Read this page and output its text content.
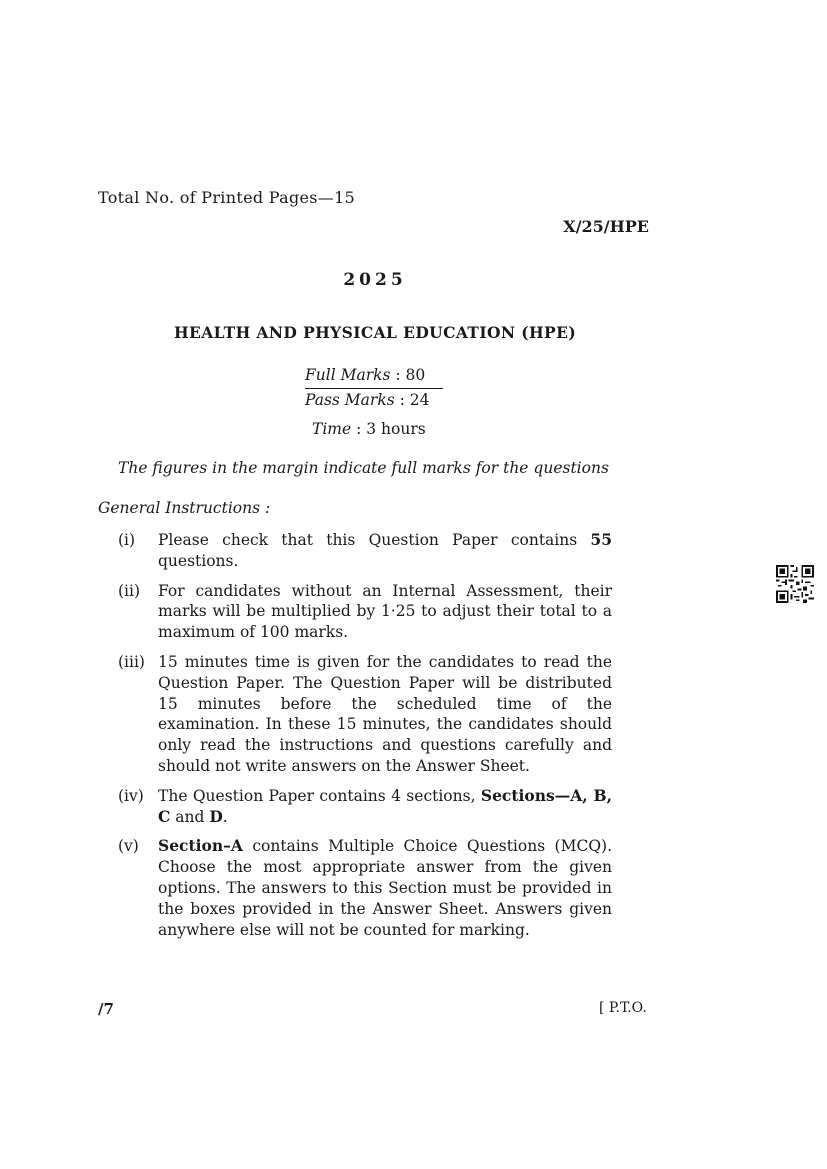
Total No. of Printed Pages—15
X/25/HPE
2025
HEALTH AND PHYSICAL EDUCATION (HPE)
Full Marks : 80
Pass Marks : 24
Time : 3 hours
The figures in the margin indicate full marks for the questions
General Instructions :
(i)	Please check that this Question Paper contains 55 questions.
(ii)	For candidates without an Internal Assessment, their marks will be multiplied by 1·25 to adjust their total to a maximum of 100 marks.
(iii) 15 minutes time is given for the candidates to read the Question Paper. The Question Paper will be distributed 15 minutes before the scheduled time of the examination. In these 15 minutes, the candidates should only read the instructions and questions carefully and should not write answers on the Answer Sheet.
(iv) The Question Paper contains 4 sections, Sections—A, B, C and D.
(v)	Section–A contains Multiple Choice Questions (MCQ). Choose the most appropriate answer from the given options. The answers to this Section must be provided in the boxes provided in the Answer Sheet. Answers given anywhere else will not be counted for marking.
/7	[ P.T.O.
